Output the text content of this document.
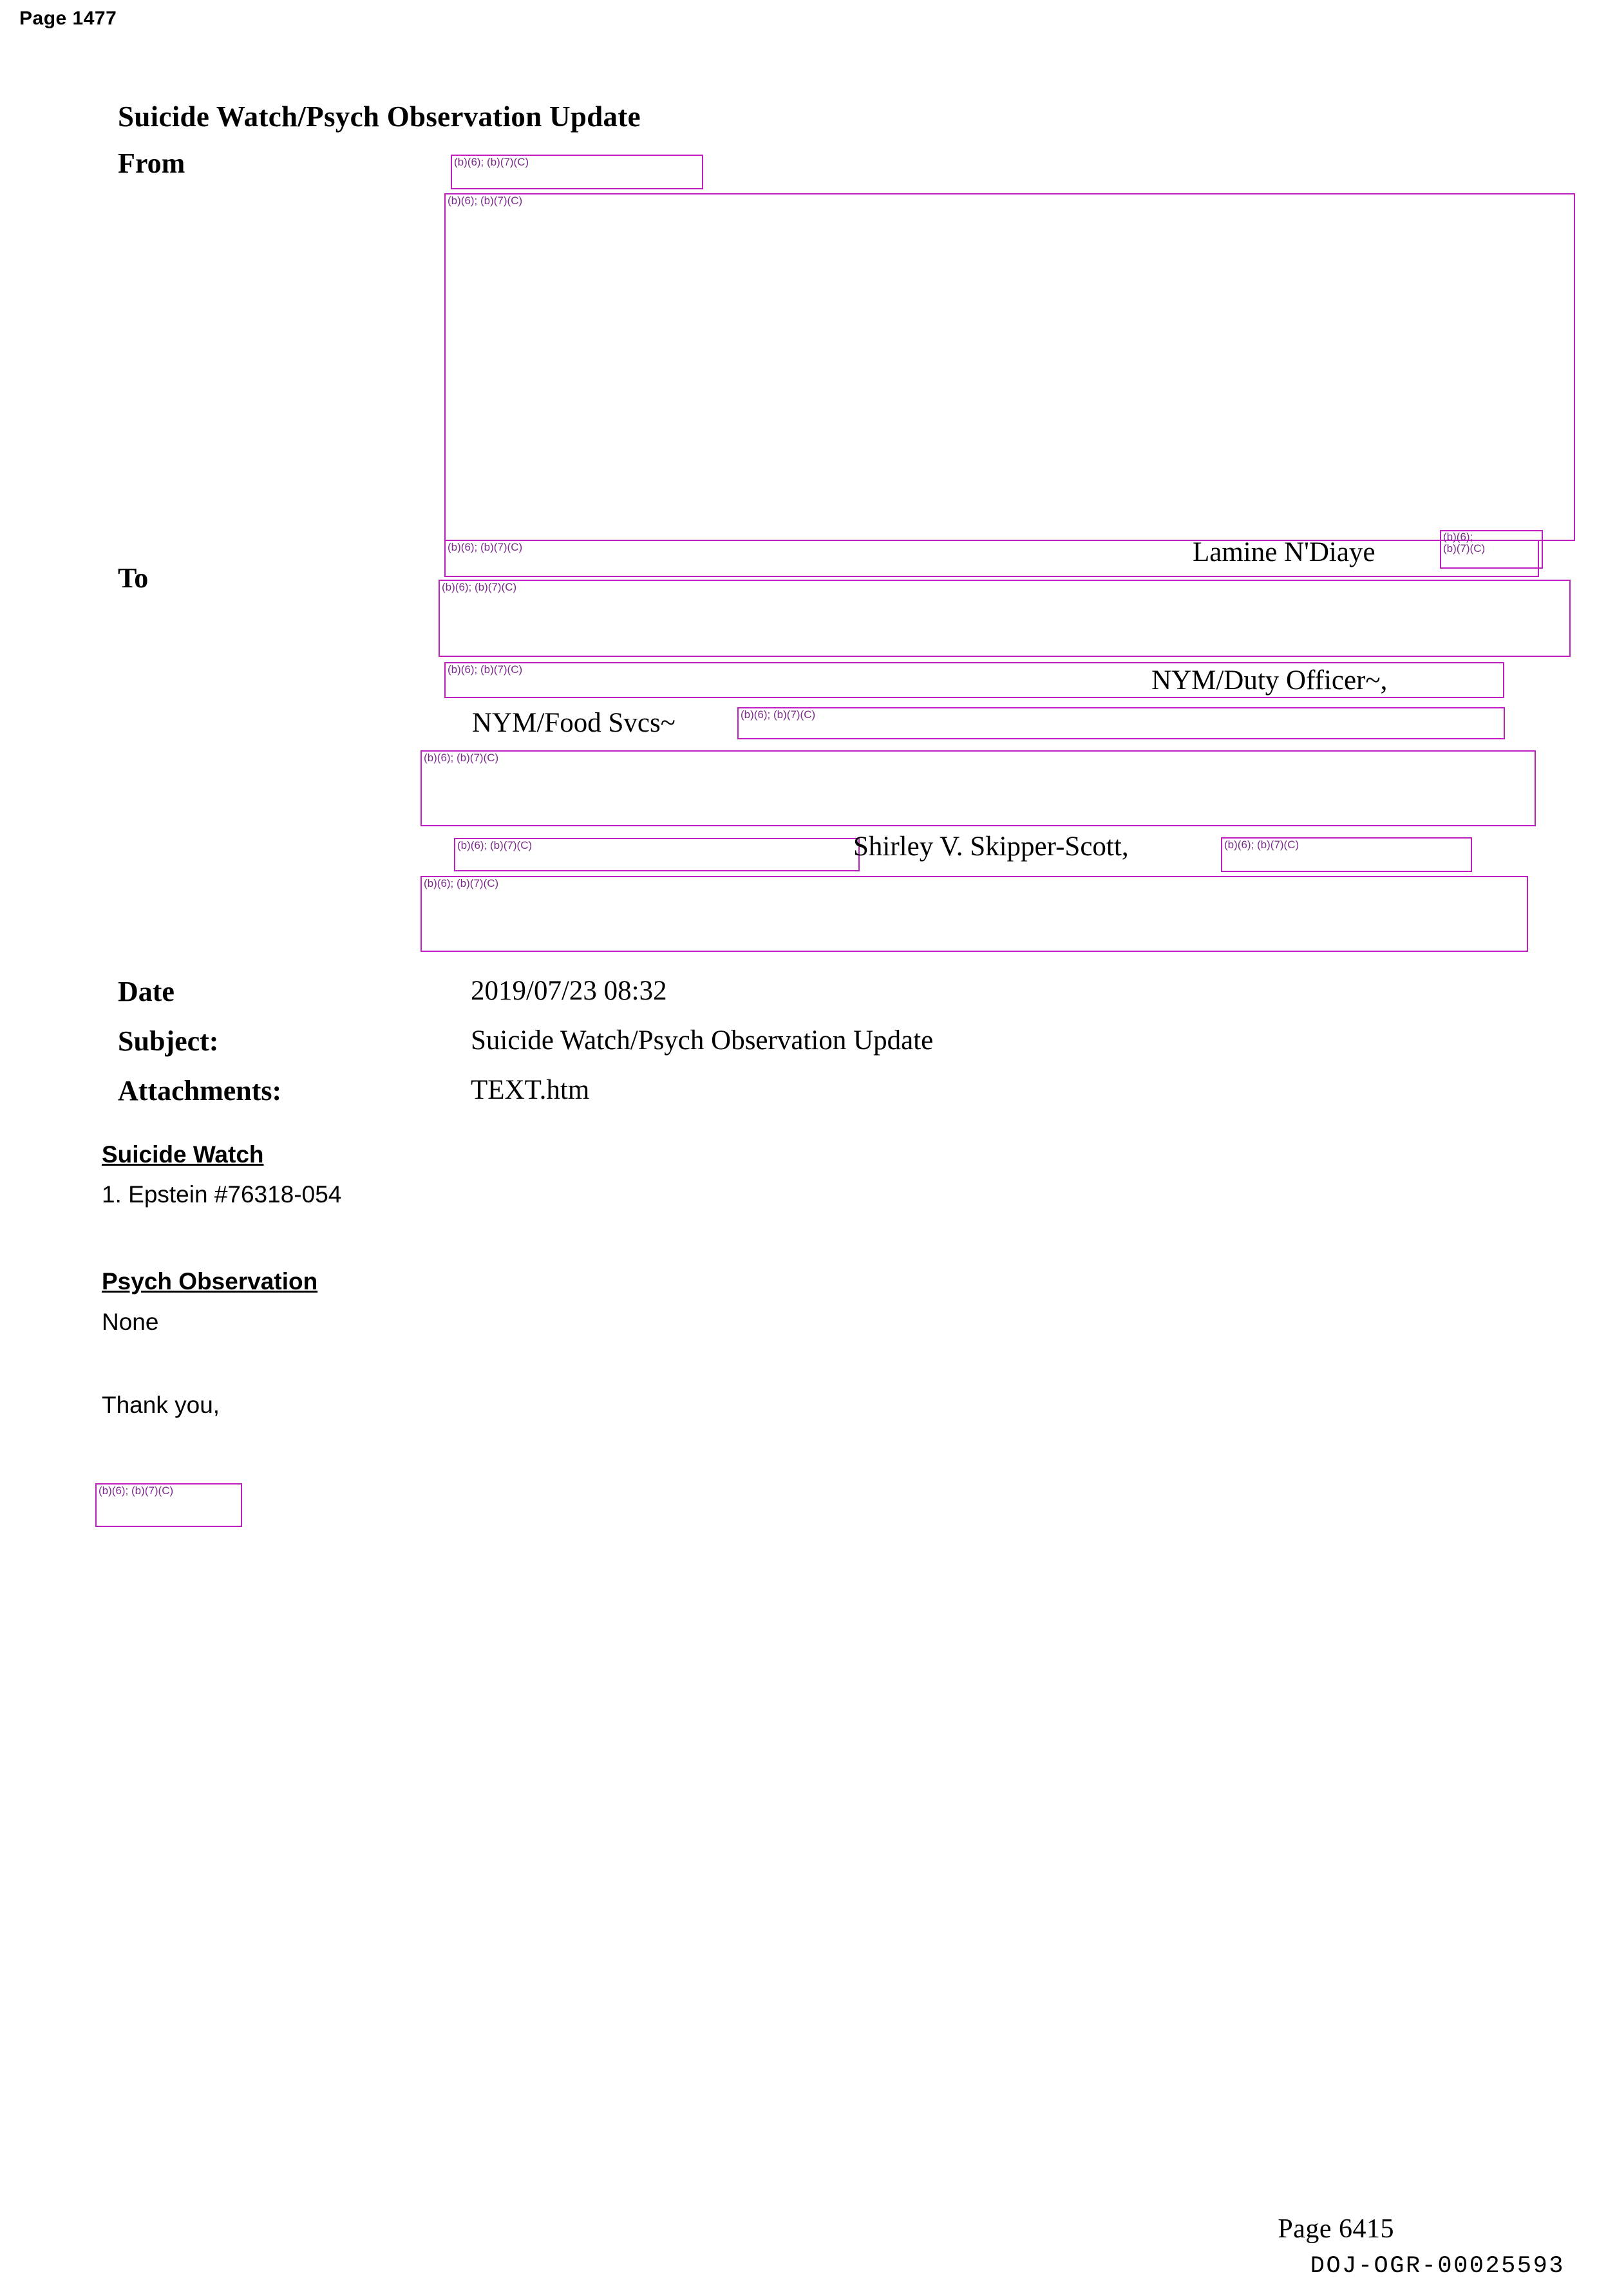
Page 1477
Suicide Watch/Psych Observation Update
From
To
Date
Subject:
Attachments:
2019/07/23 08:32
Suicide Watch/Psych Observation Update
TEXT.htm
(b)(6); (b)(7)(C)
(b)(6); (b)(7)(C)
(b)(6); (b)(7)(C)
(b)(6);
(b)(7)(C)
(b)(6); (b)(7)(C)
(b)(6); (b)(7)(C)
(b)(6); (b)(7)(C)
(b)(6); (b)(7)(C)
(b)(6); (b)(7)(C)	(b)(6); (b)(7)(C)
(b)(6); (b)(7)(C)
(b)(6); (b)(7)(C)
Lamine N'Diaye
NYM/Duty Officer~,
NYM/Food Svcs~
Shirley V. Skipper-Scott,
Suicide Watch
1. Epstein #76318-054
Psych Observation
None
Thank you,
Page 6415
DOJ-OGR-00025593
